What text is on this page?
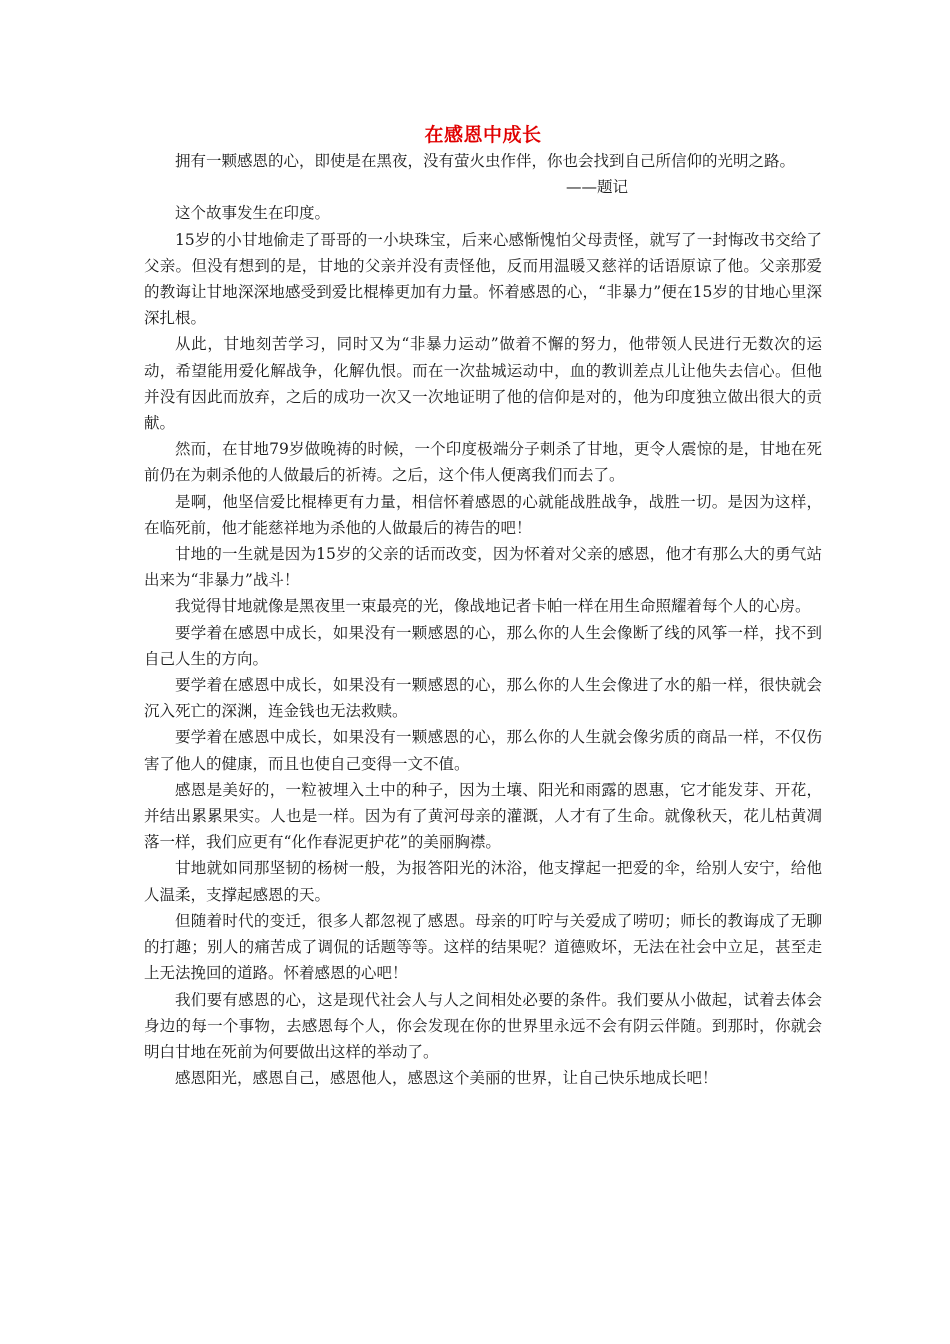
在感恩中成长

拥有一颗感恩的心，即使是在黑夜，没有萤火虫作伴，你也会找到自己所信仰的光明之路。

——题记

这个故事发生在印度。

15岁的小甘地偷走了哥哥的一小块珠宝，后来心感惭愧怕父母责怪，就写了一封悔改书交给了父亲。但没有想到的是，甘地的父亲并没有责怪他，反而用温暖又慈祥的话语原谅了他。父亲那爱的教诲让甘地深深地感受到爱比棍棒更加有力量。怀着感恩的心，“非暴力”便在15岁的甘地心里深深扎根。

从此，甘地刻苦学习，同时又为“非暴力运动”做着不懈的努力，他带领人民进行无数次的运动，希望能用爱化解战争，化解仇恨。而在一次盐城运动中，血的教训差点儿让他失去信心。但他并没有因此而放弃，之后的成功一次又一次地证明了他的信仰是对的，他为印度独立做出很大的贡献。

然而，在甘地79岁做晚祷的时候，一个印度极端分子刺杀了甘地，更令人震惊的是，甘地在死前仍在为刺杀他的人做最后的祈祷。之后，这个伟人便离我们而去了。

是啊，他坚信爱比棍棒更有力量，相信怀着感恩的心就能战胜战争，战胜一切。是因为这样，在临死前，他才能慈祥地为杀他的人做最后的祷告的吧！

甘地的一生就是因为15岁的父亲的话而改变，因为怀着对父亲的感恩，他才有那么大的勇气站出来为“非暴力”战斗！

我觉得甘地就像是黑夜里一束最亮的光，像战地记者卡帕一样在用生命照耀着每个人的心房。

要学着在感恩中成长，如果没有一颗感恩的心，那么你的人生会像断了线的风筝一样，找不到自己人生的方向。

要学着在感恩中成长，如果没有一颗感恩的心，那么你的人生会像进了水的船一样，很快就会沉入死亡的深渊，连金钱也无法救赎。

要学着在感恩中成长，如果没有一颗感恩的心，那么你的人生就会像劣质的商品一样，不仅伤害了他人的健康，而且也使自己变得一文不值。

感恩是美好的，一粒被埋入土中的种子，因为土壤、阳光和雨露的恩惠，它才能发芽、开花，并结出累累果实。人也是一样。因为有了黄河母亲的灌溉，人才有了生命。就像秋天，花儿枯黄凋落一样，我们应更有“化作春泥更护花”的美丽胸襟。

甘地就如同那坚韧的杨树一般，为报答阳光的沐浴，他支撑起一把爱的伞，给别人安宁，给他人温柔，支撑起感恩的天。

但随着时代的变迁，很多人都忽视了感恩。母亲的叮咛与关爱成了唠叨；师长的教诲成了无聊的打趣；别人的痛苦成了调侃的话题等等。这样的结果呢？道德败坏，无法在社会中立足，甚至走上无法挽回的道路。怀着感恩的心吧！

我们要有感恩的心，这是现代社会人与人之间相处必要的条件。我们要从小做起，试着去体会身边的每一个事物，去感恩每个人，你会发现在你的世界里永远不会有阴云伴随。到那时，你就会明白甘地在死前为何要做出这样的举动了。

感恩阳光，感恩自己，感恩他人，感恩这个美丽的世界，让自己快乐地成长吧！
